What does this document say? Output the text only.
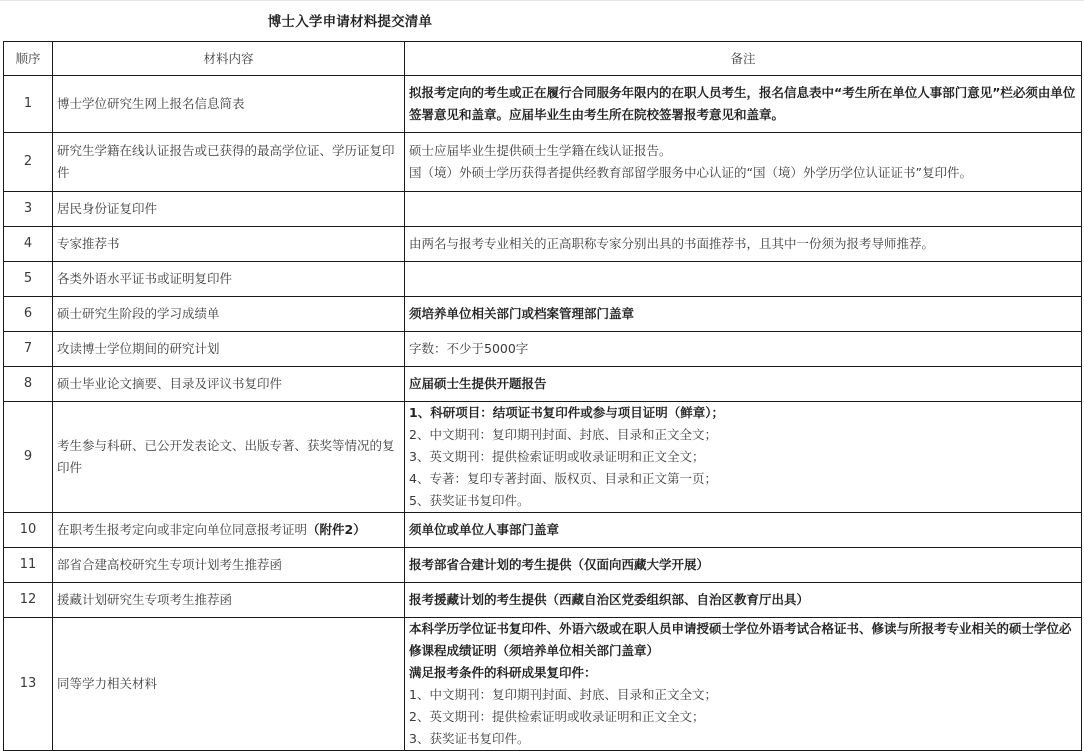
博士入学申请材料提交清单
顺序	材料内容	备注
1	博士学位研究生网上报名信息简表	拟报考定向的考生或正在履行合同服务年限内的在职人员考生，报名信息表中“考生所在单位人事部门意见”栏必须由单位签署意见和盖章。应届毕业生由考生所在院校签署报考意见和盖章。

2	研究生学籍在线认证报告或已获得的最高学位证、学历证复印件	硕士应届毕业生提供硕士生学籍在线认证报告。
国（境）外硕士学历获得者提供经教育部留学服务中心认证的“国（境）外学历学位认证证书”复印件。

3	居民身份证复印件	
4	专家推荐书	由两名与报考专业相关的正高职称专家分别出具的书面推荐书，且其中一份须为报考导师推荐。

5	各类外语水平证书或证明复印件	
6	硕士研究生阶段的学习成绩单	须培养单位相关部门或档案管理部门盖章

7	攻读博士学位期间的研究计划	字数：不少于5000字

8	硕士毕业论文摘要、目录及评议书复印件	应届硕士生提供开题报告

9	考生参与科研、已公开发表论文、出版专著、获奖等情况的复印件	1、科研项目：结项证书复印件或参与项目证明（鲜章）；
2、中文期刊：复印期刊封面、封底、目录和正文全文；
3、英文期刊：提供检索证明或收录证明和正文全文；
4、专著：复印专著封面、版权页、目录和正文第一页；
5、获奖证书复印件。

10	在职考生报考定向或非定向单位同意报考证明（附件2）	须单位或单位人事部门盖章

11	部省合建高校研究生专项计划考生推荐函	报考部省合建计划的考生提供（仅面向西藏大学开展）

12	援藏计划研究生专项考生推荐函	报考援藏计划的考生提供（西藏自治区党委组织部、自治区教育厅出具）

13	同等学力相关材料	本科学历学位证书复印件、外语六级或在职人员申请授硕士学位外语考试合格证书、修读与所报考专业相关的硕士学位必修课程成绩证明（须培养单位相关部门盖章）
满足报考条件的科研成果复印件：
1、中文期刊：复印期刊封面、封底、目录和正文全文；
2、英文期刊：提供检索证明或收录证明和正文全文；
3、获奖证书复印件。
